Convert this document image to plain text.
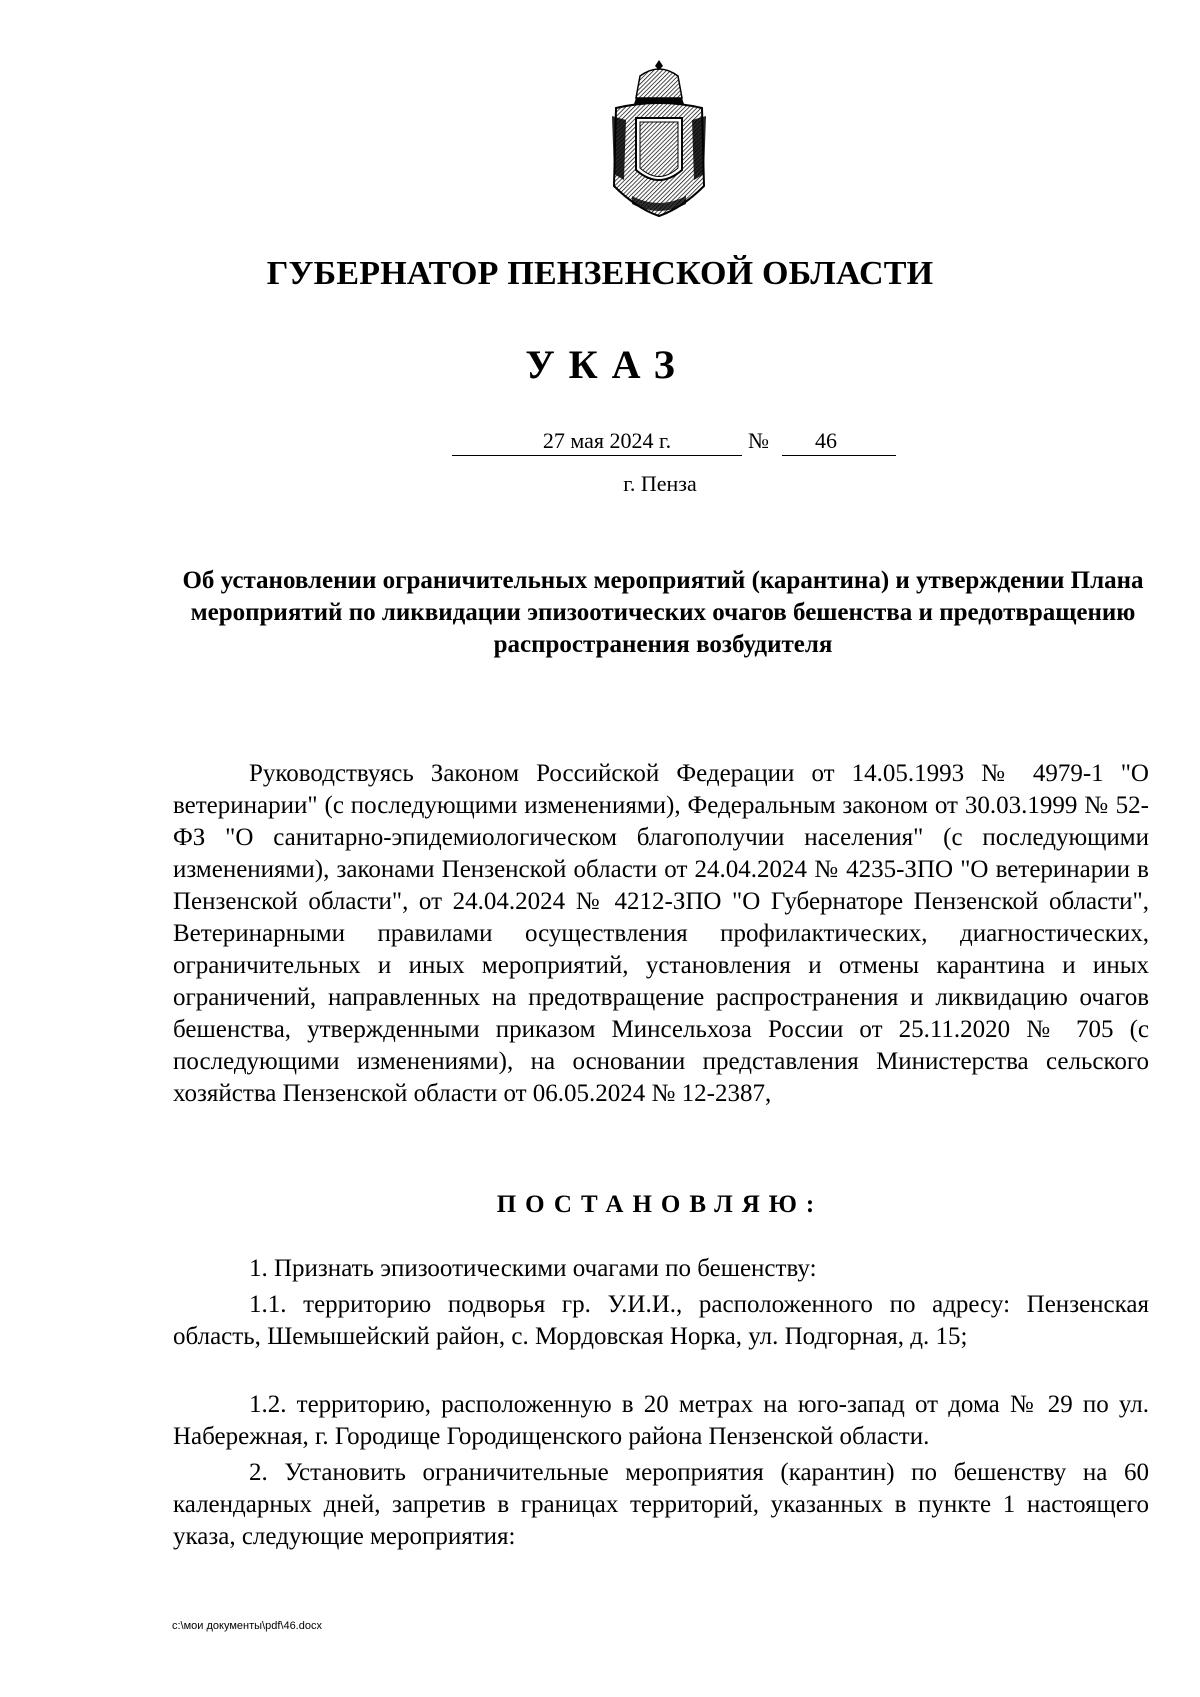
ГУБЕРНАТОР ПЕНЗЕНСКОЙ ОБЛАСТИ
УКАЗ
27 мая 2024 г.	№	46
г. Пенза

Об установлении ограничительных мероприятий (карантина) и утверждении Плана мероприятий по ликвидации эпизоотических очагов бешенства и предотвращению распространения возбудителя

Руководствуясь Законом Российской Федерации от 14.05.1993 № 4979-1 "О ветеринарии" (с последующими изменениями), Федеральным законом от 30.03.1999 № 52-ФЗ "О санитарно-эпидемиологическом благополучии населения" (с последующими изменениями), законами Пензенской области от 24.04.2024 № 4235-ЗПО "О ветеринарии в Пензенской области", от 24.04.2024 № 4212-ЗПО "О Губернаторе Пензенской области", Ветеринарными правилами осуществления профилактических, диагностических, ограничительных и иных мероприятий, установления и отмены карантина и иных ограничений, направленных на предотвращение распространения и ликвидацию очагов бешенства, утвержденными приказом Минсельхоза России от 25.11.2020 № 705 (с последующими изменениями), на основании представления Министерства сельского хозяйства Пензенской области от 06.05.2024 № 12-2387,

ПОСТАНОВЛЯЮ:

1. Признать эпизоотическими очагами по бешенству:

1.1. территорию подворья гр. У.И.И., расположенного по адресу: Пензенская область, Шемышейский район, с. Мордовская Норка, ул. Подгорная, д. 15;

1.2. территорию, расположенную в 20 метрах на юго-запад от дома № 29 по ул. Набережная, г. Городище Городищенского района Пензенской области.

2. Установить ограничительные мероприятия (карантин) по бешенству на 60 календарных дней, запретив в границах территорий, указанных в пункте 1 настоящего указа, следующие мероприятия:

c:\мои документы\pdf\46.docx
